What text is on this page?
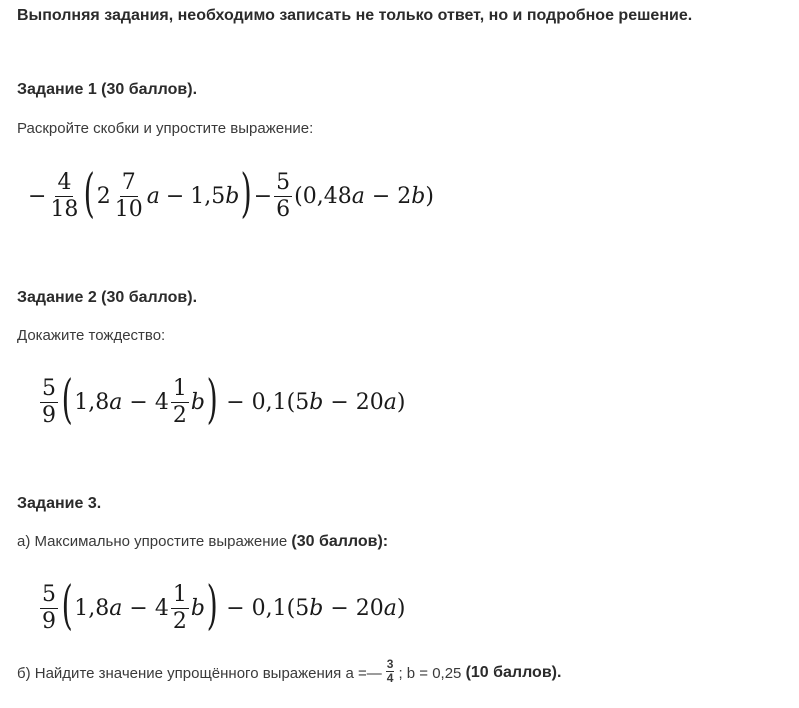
Выполняя задания, необходимо записать не только ответ, но и подробное решение.
Задание 1 (30 баллов).
Раскройте скобки и упростите выражение:
− $\frac{4}{18}$ ( $2 \frac{7}{10}$ a − 1,5 b ) − $\frac{5}{6} (0,48$ a − 2 b )
Задание 2 (30 баллов).
Докажите тождество:
$\frac{5}{9}$ ( 1,8 $a - 4 \frac{1}{2}$ b ) − 0,1(5 b − 20 a )
Задание 3.
а) Максимально упростите выражение (30 баллов):
$\frac{5}{9}$ ( 1,8 $a - 4 \frac{1}{2}$ b ) − 0,1(5 b − 20 a )
б) Найдите значение упрощённого выражения a =— $\frac{3}{4}$ ; b = 0,25 (10 баллов).
